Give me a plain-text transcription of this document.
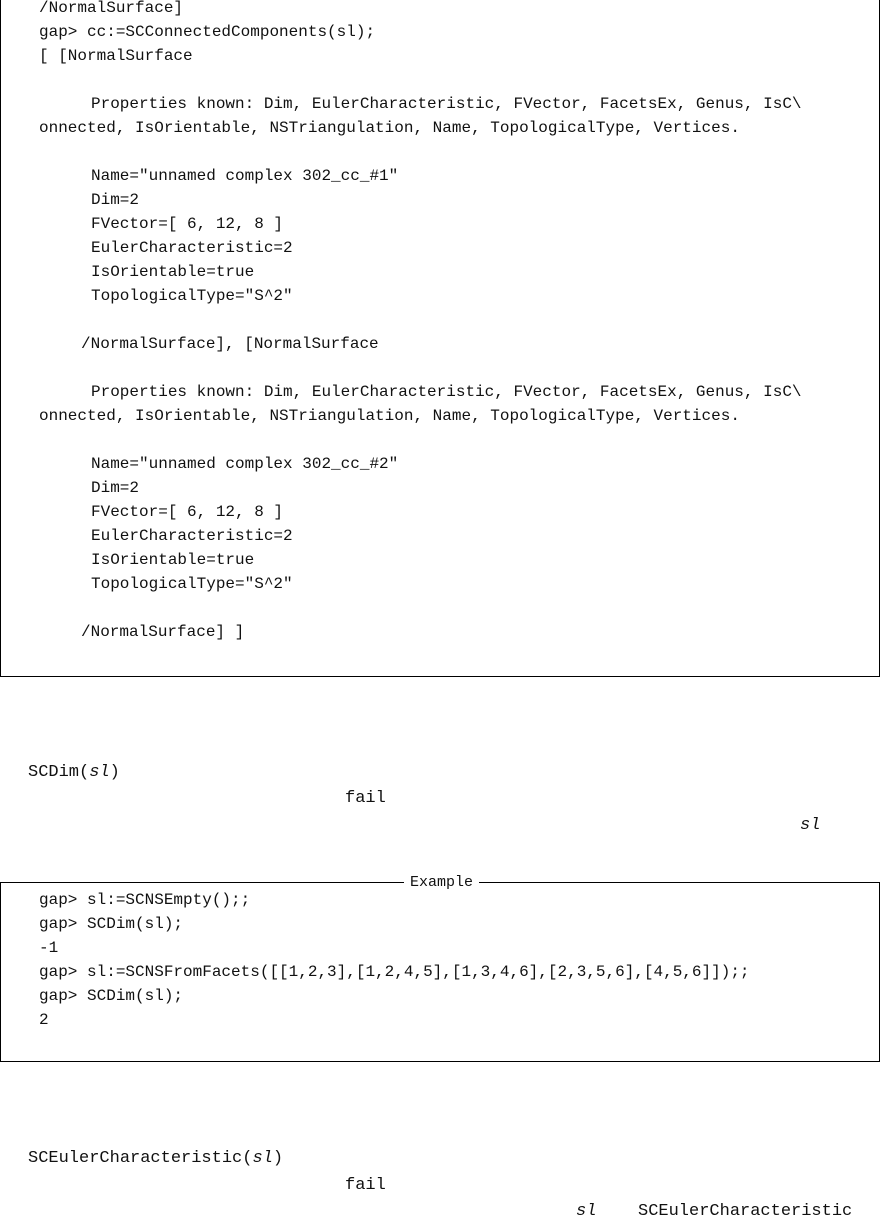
/NormalSurface]
gap> cc:=SCConnectedComponents(sl);
[ [NormalSurface
Properties known: Dim, EulerCharacteristic, FVector, FacetsEx, Genus, IsC\
onnected, IsOrientable, NSTriangulation, Name, TopologicalType, Vertices.
Name="unnamed complex 302_cc_#1"
Dim=2
FVector=[ 6, 12, 8 ]
EulerCharacteristic=2
IsOrientable=true
TopologicalType="S^2"
/NormalSurface], [NormalSurface
Properties known: Dim, EulerCharacteristic, FVector, FacetsEx, Genus, IsC\
onnected, IsOrientable, NSTriangulation, Name, TopologicalType, Vertices.
Name="unnamed complex 302_cc_#2"
Dim=2
FVector=[ 6, 12, 8 ]
EulerCharacteristic=2
IsOrientable=true
TopologicalType="S^2"
/NormalSurface] ]
SCDim(sl)
fail
sl
Example
gap> sl:=SCNSEmpty();;
gap> SCDim(sl);
-1
gap> sl:=SCNSFromFacets([[1,2,3],[1,2,4,5],[1,3,4,6],[2,3,5,6],[4,5,6]]);;
gap> SCDim(sl);
2
SCEulerCharacteristic(sl)
fail
sl SCEulerCharacteristic
